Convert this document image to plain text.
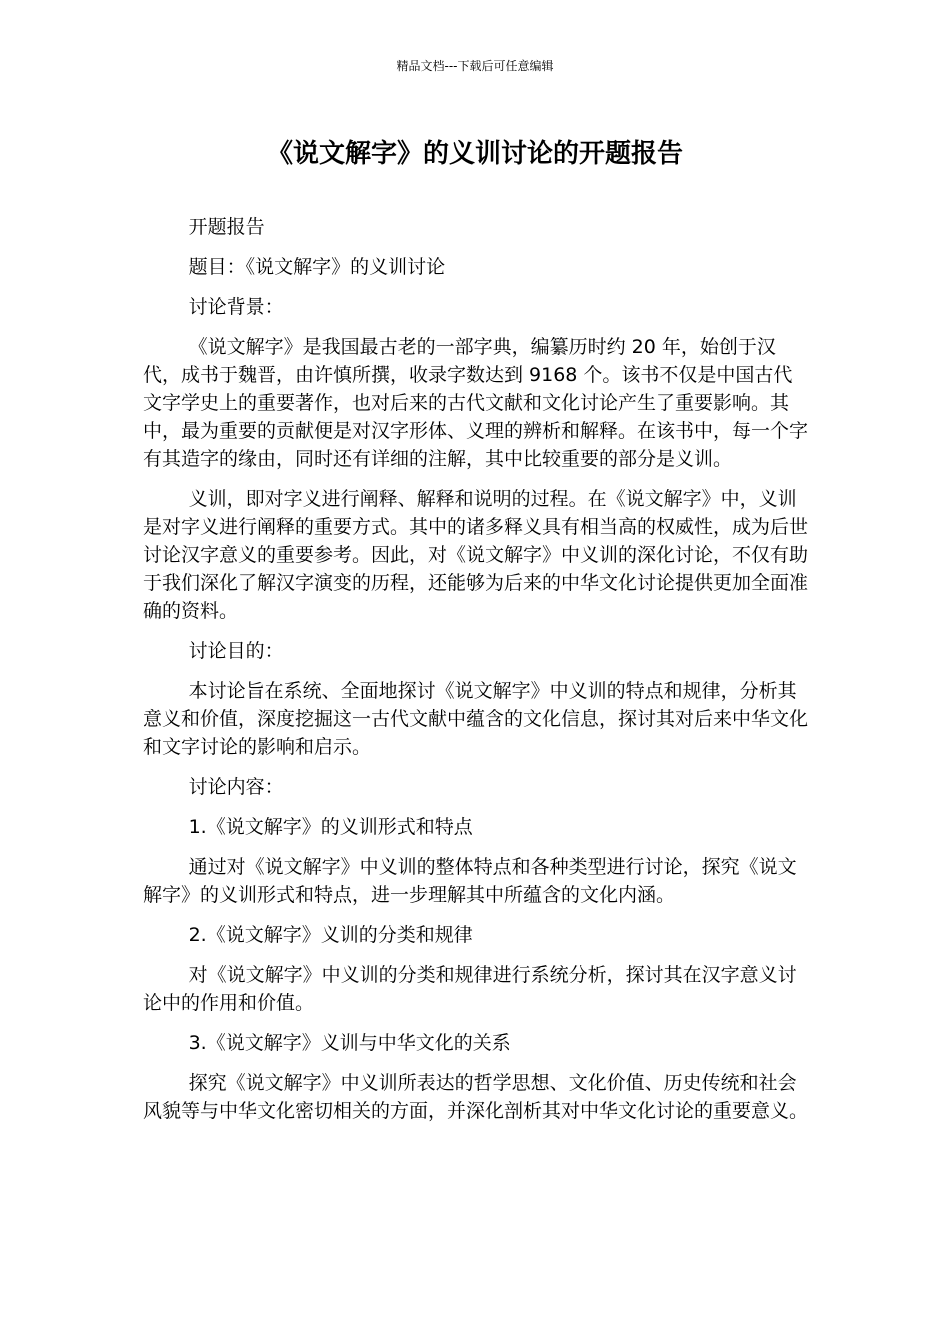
精品文档---下载后可任意编辑
《说文解字》的义训讨论的开题报告

开题报告

题目：《说文解字》的义训讨论

讨论背景：

《说文解字》是我国最古老的一部字典，编纂历时约 20 年，始创于汉代，成书于魏晋，由许慎所撰，收录字数达到 9168 个。该书不仅是中国古代文字学史上的重要著作，也对后来的古代文献和文化讨论产生了重要影响。其中，最为重要的贡献便是对汉字形体、义理的辨析和解释。在该书中，每一个字有其造字的缘由，同时还有详细的注解，其中比较重要的部分是义训。

义训，即对字义进行阐释、解释和说明的过程。在《说文解字》中，义训是对字义进行阐释的重要方式。其中的诸多释义具有相当高的权威性，成为后世讨论汉字意义的重要参考。因此，对《说文解字》中义训的深化讨论，不仅有助于我们深化了解汉字演变的历程，还能够为后来的中华文化讨论提供更加全面准确的资料。

讨论目的：

本讨论旨在系统、全面地探讨《说文解字》中义训的特点和规律，分析其意义和价值，深度挖掘这一古代文献中蕴含的文化信息，探讨其对后来中华文化和文字讨论的影响和启示。

讨论内容：

1.《说文解字》的义训形式和特点

通过对《说文解字》中义训的整体特点和各种类型进行讨论，探究《说文解字》的义训形式和特点，进一步理解其中所蕴含的文化内涵。

2.《说文解字》义训的分类和规律

对《说文解字》中义训的分类和规律进行系统分析，探讨其在汉字意义讨论中的作用和价值。

3.《说文解字》义训与中华文化的关系

探究《说文解字》中义训所表达的哲学思想、文化价值、历史传统和社会风貌等与中华文化密切相关的方面，并深化剖析其对中华文化讨论的重要意义。
